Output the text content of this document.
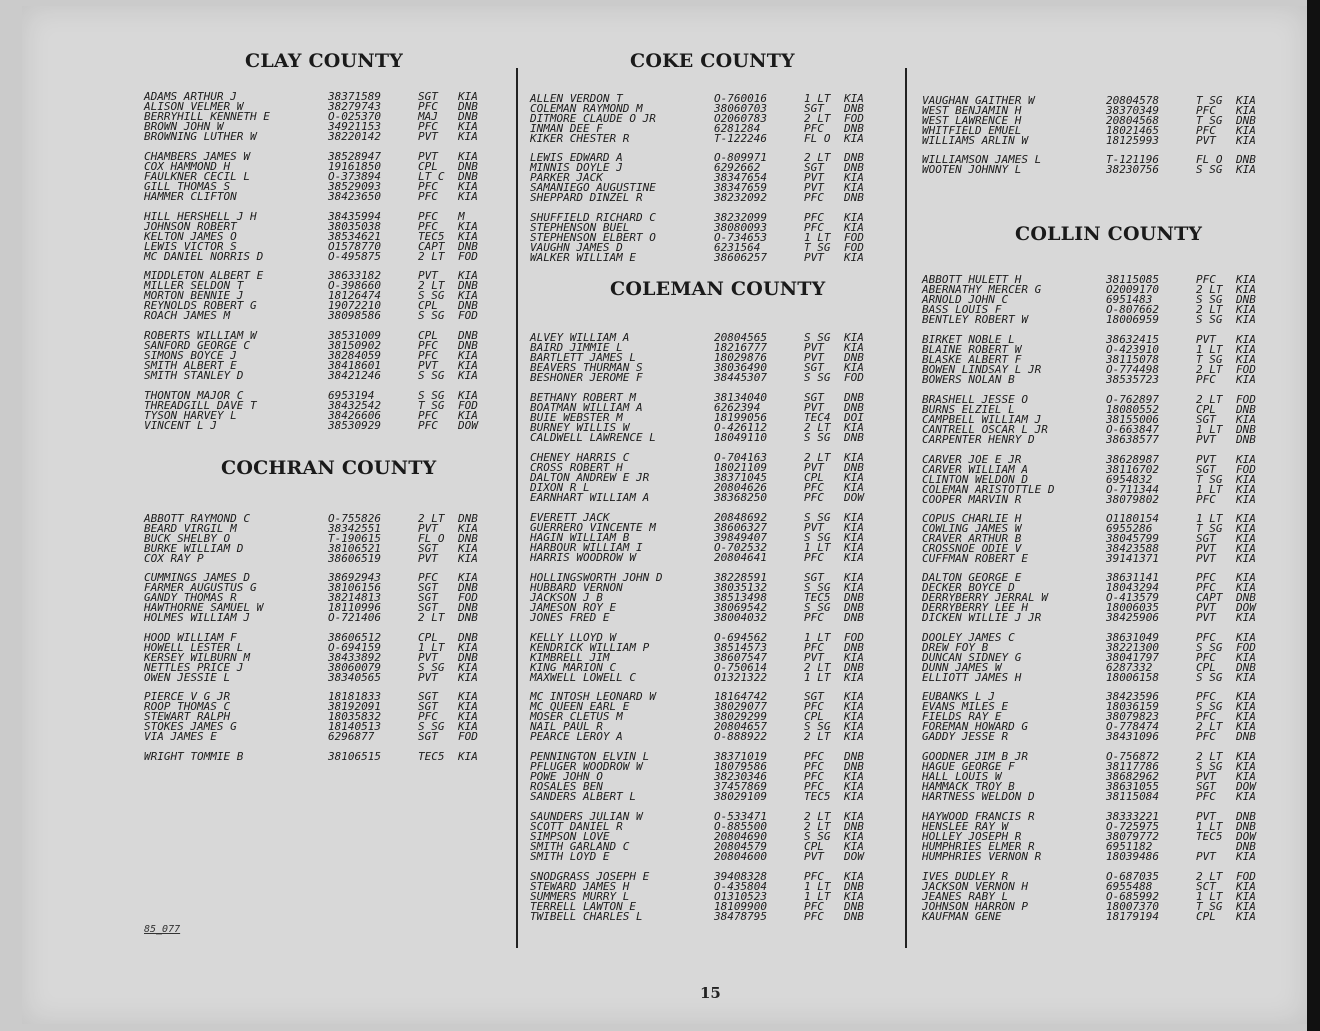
CLAY COUNTY
COCHRAN COUNTY
COKE COUNTY
COLEMAN COUNTY
COLLIN COUNTY
ADAMS ARTHUR J	38371589	SGT KIA
ALISON VELMER W	38279743	PFC DNB
BERRYHILL KENNETH E	O-025370	MAJ DNB
BROWN JOHN W	34921153	PFC KIA
BROWNING LUTHER W	38220142	PVT KIA
CHAMBERS JAMES W	38528947	PVT KIA
COX HAMMOND H	19161850	CPL DNB
FAULKNER CECIL L	O-373894	LT C DNB
GILL THOMAS S	38529093	PFC KIA
HAMMER CLIFTON	38423650	PFC KIA
HILL HERSHELL J H	38435994	PFC M
JOHNSON ROBERT	38035038	PFC KIA
KELTON JAMES O	38534621	TEC5 KIA
LEWIS VICTOR S	O1578770	CAPT DNB
MC DANIEL NORRIS D	O-495875	2 LT FOD
MIDDLETON ALBERT E	38633182	PVT KIA
MILLER SELDON T	O-398660	2 LT DNB
MORTON BENNIE J	18126474	S SG KIA
REYNOLDS ROBERT G	19072210	CPL DNB
ROACH JAMES M	38098586	S SG FOD
ROBERTS WILLIAM W	38531009	CPL DNB
SANFORD GEORGE C	38150902	PFC DNB
SIMONS BOYCE J	38284059	PFC KIA
SMITH ALBERT E	38418601	PVT KIA
SMITH STANLEY D	38421246	S SG KIA
THONTON MAJOR C	6953194	S SG KIA
THREADGILL DAVE T	38432542	T SG FOD
TYSON HARVEY L	38426606	PFC KIA
VINCENT L J	38530929	PFC DOW
ABBOTT RAYMOND C	O-755826	2 LT DNB
BEARD VIRGIL M	38342551	PVT KIA
BUCK SHELBY O	T-190615	FL O DNB
BURKE WILLIAM D	38106521	SGT KIA
COX RAY P	38606519	PVT KIA
CUMMINGS JAMES D	38692943	PFC KIA
FARMER AUGUSTUS G	38106156	SGT DNB
GANDY THOMAS R	38214813	SGT FOD
HAWTHORNE SAMUEL W	18110996	SGT DNB
HOLMES WILLIAM J	O-721406	2 LT DNB
HOOD WILLIAM F	38606512	CPL DNB
HOWELL LESTER L	O-694159	1 LT KIA
KERSEY WILBURN M	38433892	PVT DNB
NETTLES PRICE J	38060079	S SG KIA
OWEN JESSIE L	38340565	PVT KIA
PIERCE V G JR	18181833	SGT KIA
ROOP THOMAS C	38192091	SGT KIA
STEWART RALPH	18035832	PFC KIA
STOKES JAMES G	18140513	S SG KIA
VIA JAMES E	6296877	SGT FOD
WRIGHT TOMMIE B	38106515	TEC5 KIA
ALLEN VERDON T	O-760016	1 LT KIA
COLEMAN RAYMOND M	38060703	SGT DNB
DITMORE CLAUDE O JR	O2060783	2 LT FOD
INMAN DEE F	6281284	PFC DNB
KIKER CHESTER R	T-122246	FL O KIA
LEWIS EDWARD A	O-809971	2 LT DNB
MINNIS DOYLE J	6292662	SGT DNB
PARKER JACK	38347654	PVT KIA
SAMANIEGO AUGUSTINE	38347659	PVT KIA
SHEPPARD DINZEL R	38232092	PFC DNB
SHUFFIELD RICHARD C	38232099	PFC KIA
STEPHENSON BUEL	38080093	PFC KIA
STEPHENSON ELBERT O	O-734653	1 LT FOD
VAUGHN JAMES D	6231564	T SG FOD
WALKER WILLIAM E	38606257	PVT KIA
ALVEY WILLIAM A	20804565	S SG KIA
BAIRD JIMMIE L	18216777	PVT KIA
BARTLETT JAMES L	18029876	PVT DNB
BEAVERS THURMAN S	38036490	SGT KIA
BESHONER JEROME F	38445307	S SG FOD
BETHANY ROBERT M	38134040	SGT DNB
BOATMAN WILLIAM A	6262394	PVT DNB
BUIE WEBSTER M	18199056	TEC4 DOI
BURNEY WILLIS W	O-426112	2 LT KIA
CALDWELL LAWRENCE L	18049110	S SG DNB
CHENEY HARRIS C	O-704163	2 LT KIA
CROSS ROBERT H	18021109	PVT DNB
DALTON ANDREW E JR	38371045	CPL KIA
DIXON R L	20804626	PFC KIA
EARNHART WILLIAM A	38368250	PFC DOW
EVERETT JACK	20848692	S SG KIA
GUERRERO VINCENTE M	38606327	PVT KIA
HAGIN WILLIAM B	39849407	S SG KIA
HARBOUR WILLIAM I	O-702532	1 LT KIA
HARRIS WOODROW W	20804641	PFC KIA
HOLLINGSWORTH JOHN D	38228591	SGT KIA
HUBBARD VERNON	38035132	S SG KIA
JACKSON J B	38513498	TEC5 DNB
JAMESON ROY E	38069542	S SG DNB
JONES FRED E	38004032	PFC DNB
KELLY LLOYD W	O-694562	1 LT FOD
KENDRICK WILLIAM P	38514573	PFC DNB
KIMBRELL JIM	38607547	PVT KIA
KING MARION C	O-750614	2 LT DNB
MAXWELL LOWELL C	O1321322	1 LT KIA
MC INTOSH LEONARD W	18164742	SGT KIA
MC QUEEN EARL E	38029077	PFC KIA
MOSER CLETUS M	38029299	CPL KIA
NAIL PAUL R	20804657	S SG KIA
PEARCE LEROY A	O-888922	2 LT KIA
PENNINGTON ELVIN L	38371019	PFC DNB
PFLUGER WOODROW W	18079586	PFC DNB
POWE JOHN O	38230346	PFC KIA
ROSALES BEN	37457869	PFC KIA
SANDERS ALBERT L	38029109	TEC5 KIA
SAUNDERS JULIAN W	O-533471	2 LT KIA
SCOTT DANIEL R	O-885500	2 LT DNB
SIMPSON LOVE	20804690	S SG KIA
SMITH GARLAND C	20804579	CPL KIA
SMITH LOYD E	20804600	PVT DOW
SNODGRASS JOSEPH E	39408328	PFC KIA
STEWARD JAMES H	O-435804	1 LT DNB
SUMMERS MURRY L	O1310523	1 LT KIA
TERRELL LAWTON E	18109900	PFC DNB
TWIBELL CHARLES L	38478795	PFC DNB
VAUGHAN GAITHER W	20804578	T SG KIA
WEST BENJAMIN H	38370349	PFC KIA
WEST LAWRENCE H	20804568	T SG DNB
WHITFIELD EMUEL	18021465	PFC KIA
WILLIAMS ARLIN W	18125993	PVT KIA
WILLIAMSON JAMES L	T-121196	FL O DNB
WOOTEN JOHNNY L	38230756	S SG KIA
ABBOTT HULETT H	38115085	PFC KIA
ABERNATHY MERCER G	O2009170	2 LT KIA
ARNOLD JOHN C	6951483	S SG DNB
BASS LOUIS F	O-807662	2 LT KIA
BENTLEY ROBERT W	18006959	S SG KIA
BIRKET NOBLE L	38632415	PVT KIA
BLAINE ROBERT W	O-423910	1 LT KIA
BLASKE ALBERT F	38115078	T SG KIA
BOWEN LINDSAY L JR	O-774498	2 LT FOD
BOWERS NOLAN B	38535723	PFC KIA
BRASHELL JESSE O	O-762897	2 LT FOD
BURNS ELZIEL L	18080552	CPL DNB
CAMPBELL WILLIAM J	38155006	SGT KIA
CANTRELL OSCAR L JR	O-663847	1 LT DNB
CARPENTER HENRY D	38638577	PVT DNB
CARVER JOE E JR	38628987	PVT KIA
CARVER WILLIAM A	38116702	SGT FOD
CLINTON WELDON D	6954832	T SG KIA
COLEMAN ARISTOTTLE D	O-711344	1 LT KIA
COOPER MARVIN R	38079802	PFC KIA
COPUS CHARLIE H	O1180154	1 LT KIA
COWLING JAMES W	6955286	T SG KIA
CRAVER ARTHUR B	38045799	SGT KIA
CROSSNOE ODIE V	38423588	PVT KIA
CUFFMAN ROBERT E	39141371	PVT KIA
DALTON GEORGE E	38631141	PFC KIA
DECKER BOYCE D	18043294	PFC KIA
DERRYBERRY JERRAL W	O-413579	CAPT DNB
DERRYBERRY LEE H	18006035	PVT DOW
DICKEN WILLIE J JR	38425906	PVT KIA
DOOLEY JAMES C	38631049	PFC KIA
DREW FOY B	38221300	S SG FOD
DUNCAN SIDNEY G	38041797	PFC KIA
DUNN JAMES W	6287332	CPL DNB
ELLIOTT JAMES H	18006158	S SG KIA
EUBANKS L J	38423596	PFC KIA
EVANS MILES E	18036159	S SG KIA
FIELDS RAY E	38079823	PFC KIA
FOREMAN HOWARD G	O-778474	2 LT KIA
GADDY JESSE R	38431096	PFC DNB
GOODNER JIM B JR	O-756872	2 LT KIA
HAGUE GEORGE F	38117786	S SG KIA
HALL LOUIS W	38682962	PVT KIA
HAMMACK TROY B	38631055	SGT DOW
HARTNESS WELDON D	38115084	PFC KIA
HAYWOOD FRANCIS R	38333221	PVT DNB
HENSLEE RAY W	O-725975	1 LT DNB
HOLLEY JOSEPH R	38079772	TEC5 DOW
HUMPHRIES ELMER R	6951182	DNB
HUMPHRIES VERNON R	18039486	PVT KIA
IVES DUDLEY R	O-687035	2 LT FOD
JACKSON VERNON H	6955488	SCT KIA
JEANES RABY L	O-685992	1 LT KIA
JOHNSON HARRON P	18007370	T SG KIA
KAUFMAN GENE	18179194	CPL KIA
85_077
15
